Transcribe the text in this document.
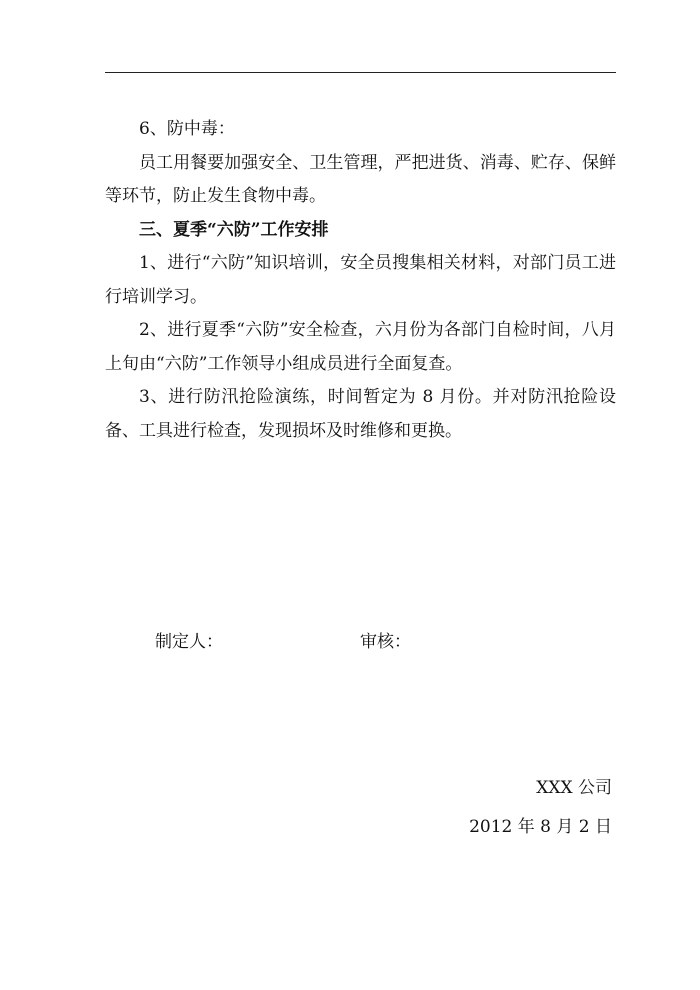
6、防中毒：

员工用餐要加强安全、卫生管理，严把进货、消毒、贮存、保鲜等环节，防止发生食物中毒。

三、夏季“六防”工作安排

1、进行“六防”知识培训，安全员搜集相关材料，对部门员工进行培训学习。

2、进行夏季“六防”安全检查，六月份为各部门自检时间，八月上旬由“六防”工作领导小组成员进行全面复查。

3、进行防汛抢险演练，时间暂定为 8 月份。并对防汛抢险设备、工具进行检查，发现损坏及时维修和更换。

制定人：	审核：
XXX 公司
2012 年 8 月 2 日
